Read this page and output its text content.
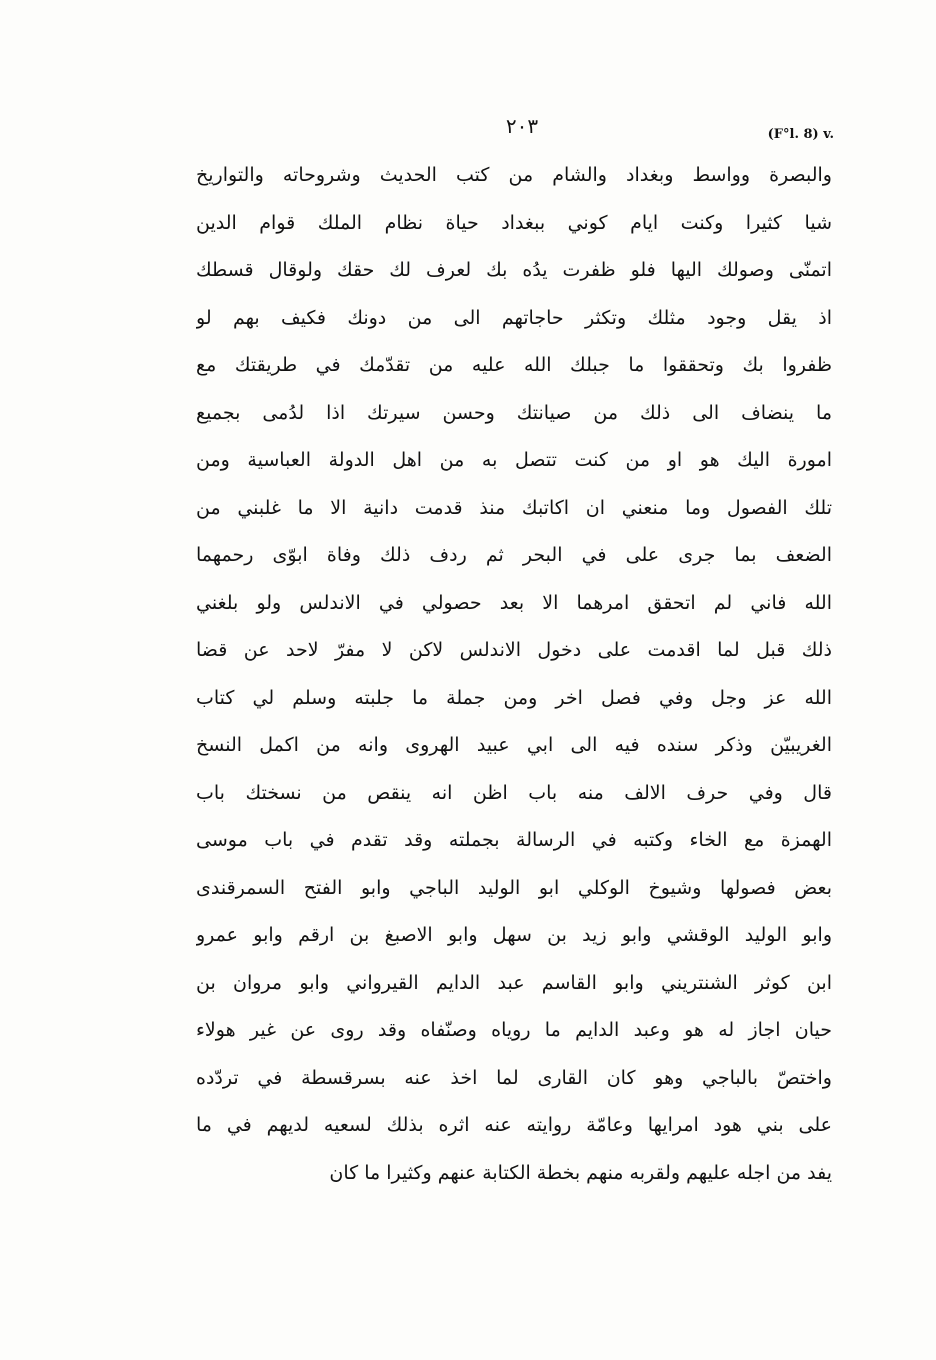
٢٠٣	(F°l. 8) v.
والبصرة وواسط وبغداد والشام من كتب الحديث وشروحاته والتواريخ
شيا كثيرا وكنت ايام كوني ببغداد حياة نظام الملك قوام الدين
اتمنّى وصولك اليها فلو ظفرت يدُه بك لعرف لك حقك ولوقال قسطك
اذ يقل وجود مثلك وتكثر حاجاتهم الى من دونك فكيف بهم لو
ظفروا بك وتحققوا ما جبلك الله عليه من تقدّمك في طريقتك مع
ما ينضاف الى ذلك من صيانتك وحسن سيرتك اذا لدُمى بجميع
امورة اليك هو او من كنت تتصل به من اهل الدولة العباسية ومن
تلك الفصول وما منعني ان اكاتبك منذ قدمت دانية الا ما غلبني من
الضعف بما جرى على في البحر ثم ردف ذلك وفاة ابوّى رحمهما
الله فاني لم اتحقق امرهما الا بعد حصولي في الاندلس ولو بلغني
ذلك قبل لما اقدمت على دخول الاندلس لاكن لا مفرّ لاحد عن قضا
الله عز وجل وفي فصل اخر ومن جملة ما جلبته وسلم لي كتاب
الغريبيّن وذكر سنده فيه الى ابي عبيد الهروى وانه من اكمل النسخ
قال وفي حرف الالف منه باب اظن انه ينقص من نسختك باب
الهمزة مع الخاء وكتبه في الرسالة بجملته وقد تقدم في باب موسى
بعض فصولها وشيوخ الوكلي ابو الوليد الباجي وابو الفتح السمرقندى
وابو الوليد الوقشي وابو زيد بن سهل وابو الاصبغ بن ارقم وابو عمرو
ابن كوثر الشنتريني وابو القاسم عبد الدايم القيرواني وابو مروان بن
حيان اجاز له هو وعبد الدايم ما روياه وصنّفاه وقد روى عن غير هولاء
واختصّ بالباجي وهو كان القارى لما اخذ عنه بسرقسطة في تردّده
على بني هود امرايها وعامّة روايته عنه اثره بذلك لسعيه لديهم في ما
يفد من اجله عليهم ولقربه منهم بخطة الكتابة عنهم وكثيرا ما كان
